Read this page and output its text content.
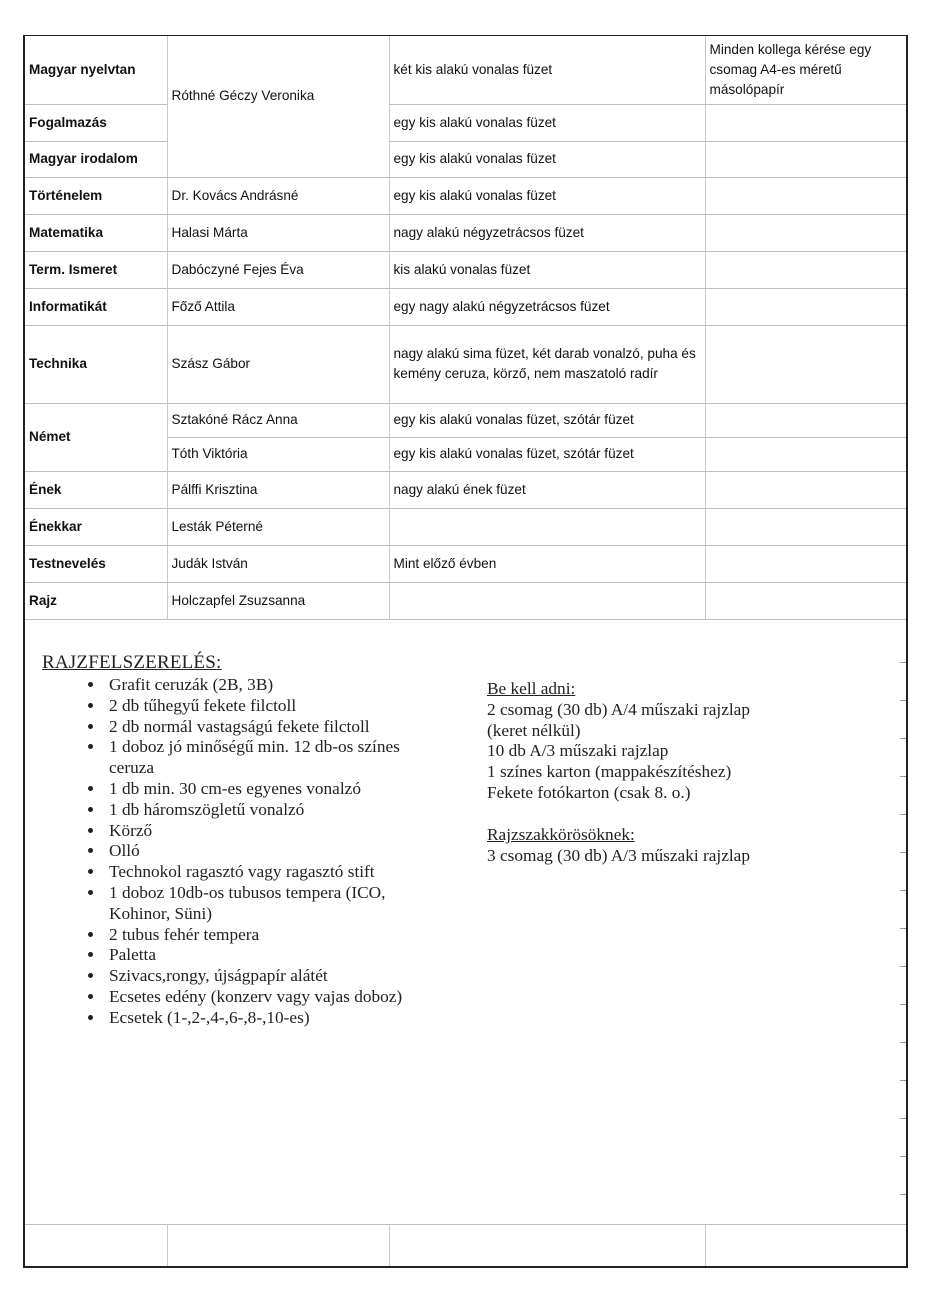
Magyar nyelvtan	Róthné Géczy Veronika	két kis alakú vonalas füzet	Minden kollega kérése egy csomag A4-es méretű másolópapír
Fogalmazás		egy kis alakú vonalas füzet	
Magyar irodalom		egy kis alakú vonalas füzet	
Történelem	Dr. Kovács Andrásné	egy kis alakú vonalas füzet	
Matematika	Halasi Márta	nagy alakú négyzetrácsos füzet	
Term. Ismeret	Dabóczyné Fejes Éva	kis alakú vonalas füzet	
Informatikát	Főző Attila	egy nagy alakú négyzetrácsos füzet	
Technika	Szász Gábor	nagy alakú sima füzet, két darab vonalzó, puha és kemény ceruza, körző, nem maszatoló radír	
Német	Sztakóné Rácz Anna	egy kis alakú vonalas füzet, szótár füzet	
	Tóth Viktória	egy kis alakú vonalas füzet, szótár füzet	
Ének	Pálffi Krisztina	nagy alakú ének füzet	
Énekkar	Lesták Péterné		
Testnevelés	Judák István	Mint előző évben	
Rajz	Holczapfel Zsuzsanna		
RAJZFELSZERELÉS:
• Grafit ceruzák (2B, 3B)
• 2 db tűhegyű fekete filctoll
• 2 db normál vastagságú fekete filctoll
• 1 doboz jó minőségű min. 12 db-os színes ceruza
• 1 db min. 30 cm-es egyenes vonalzó
• 1 db háromszögletű vonalzó
• Körző
• Olló
• Technokol ragasztó vagy ragasztó stift
• 1 doboz 10db-os tubusos tempera (ICO, Kohinor, Süni)
• 2 tubus fehér tempera
• Paletta
• Szivacs,rongy, újságpapír alátét
• Ecsetes edény (konzerv vagy vajas doboz)
• Ecsetek (1-,2-,4-,6-,8-,10-es)
Be kell adni:
2 csomag (30 db) A/4 műszaki rajzlap
(keret nélkül)
10 db A/3 műszaki rajzlap
1 színes karton (mappakészítéshez)
Fekete fotókarton (csak 8. o.)
Rajzszakkörösöknek:
3 csomag (30 db) A/3 műszaki rajzlap
